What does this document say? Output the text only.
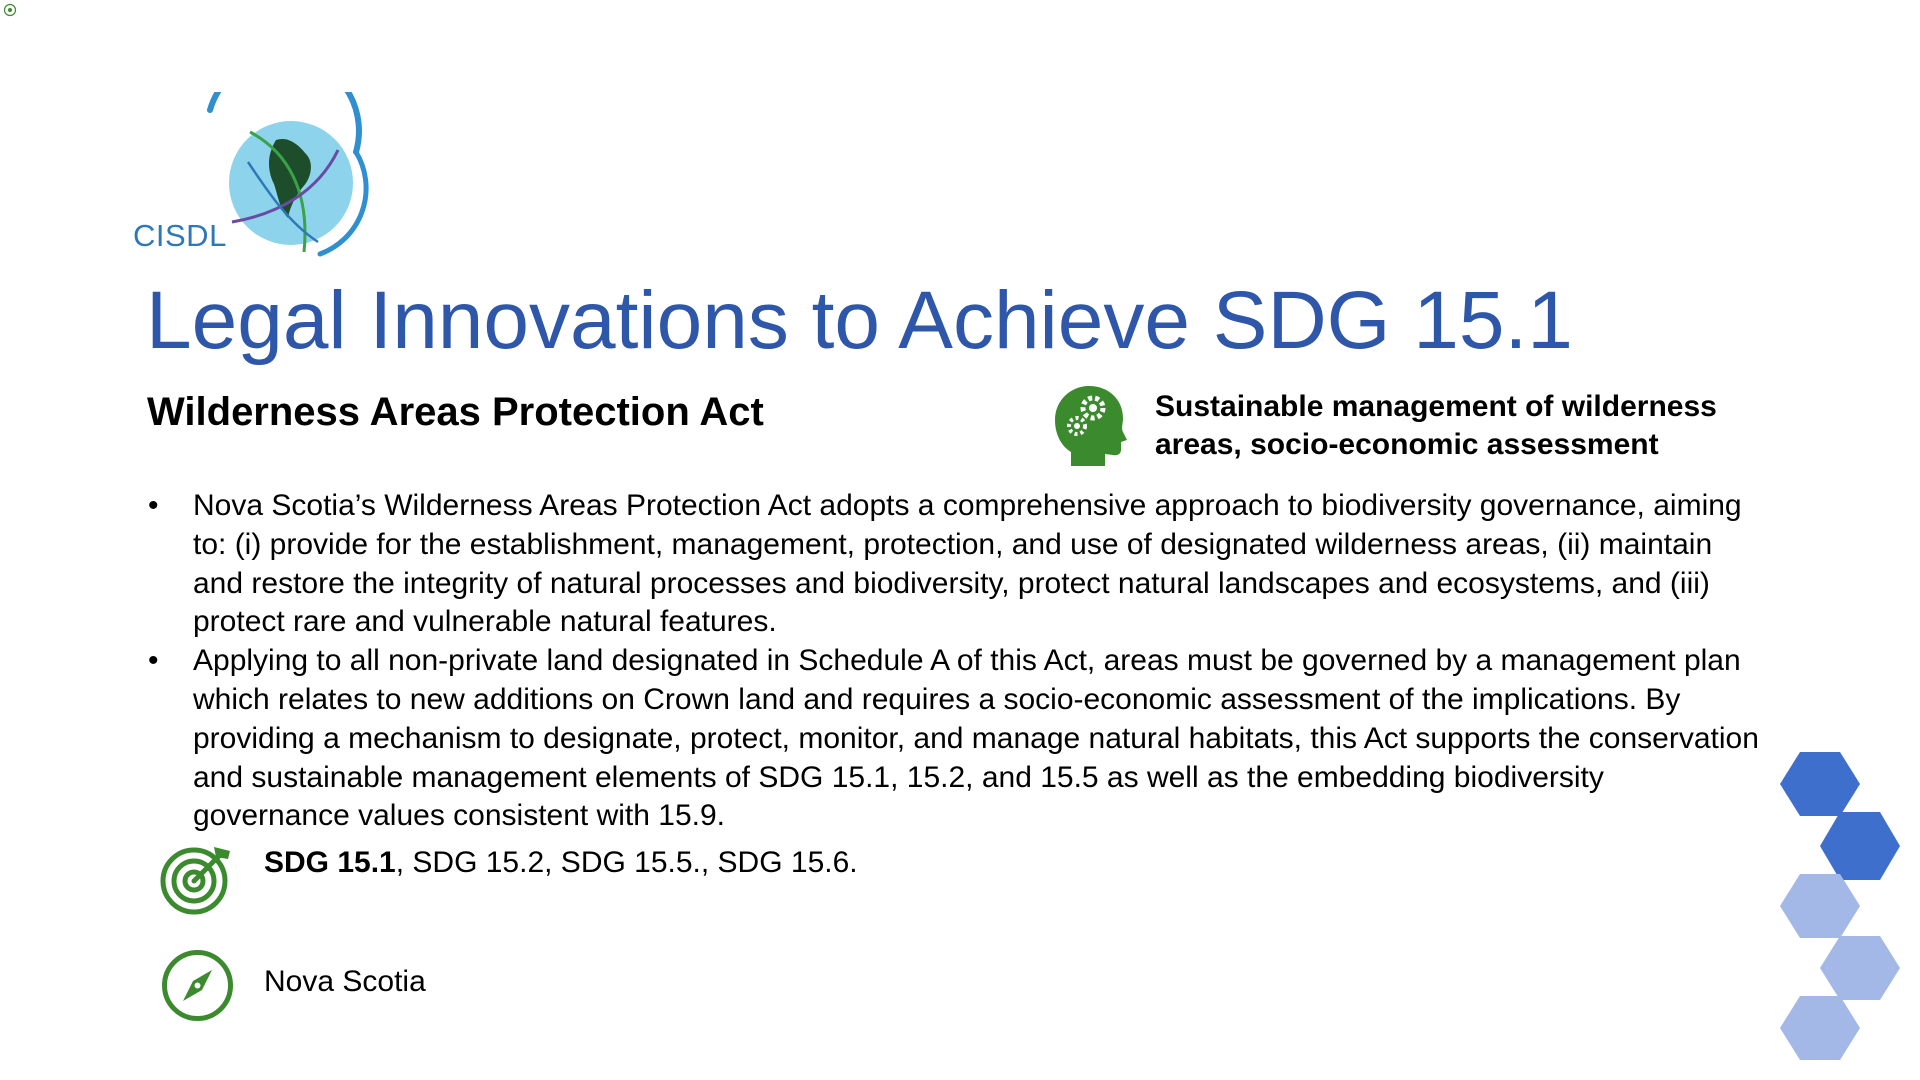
CISDL
Legal Innovations to Achieve SDG 15.1
Wilderness Areas Protection Act	Sustainable management of wilderness areas, socio-economic assessment
• Nova Scotia’s Wilderness Areas Protection Act adopts a comprehensive approach to biodiversity governance, aiming to: (i) provide for the establishment, management, protection, and use of designated wilderness areas, (ii) maintain and restore the integrity of natural processes and biodiversity, protect natural landscapes and ecosystems, and (iii) protect rare and vulnerable natural features.
• Applying to all non-private land designated in Schedule A of this Act, areas must be governed by a management plan which relates to new additions on Crown land and requires a socio-economic assessment of the implications. By providing a mechanism to designate, protect, monitor, and manage natural habitats, this Act supports the conservation and sustainable management elements of SDG 15.1, 15.2, and 15.5 as well as the embedding biodiversity governance values consistent with 15.9.
SDG 15.1, SDG 15.2, SDG 15.5., SDG 15.6.
Nova Scotia
